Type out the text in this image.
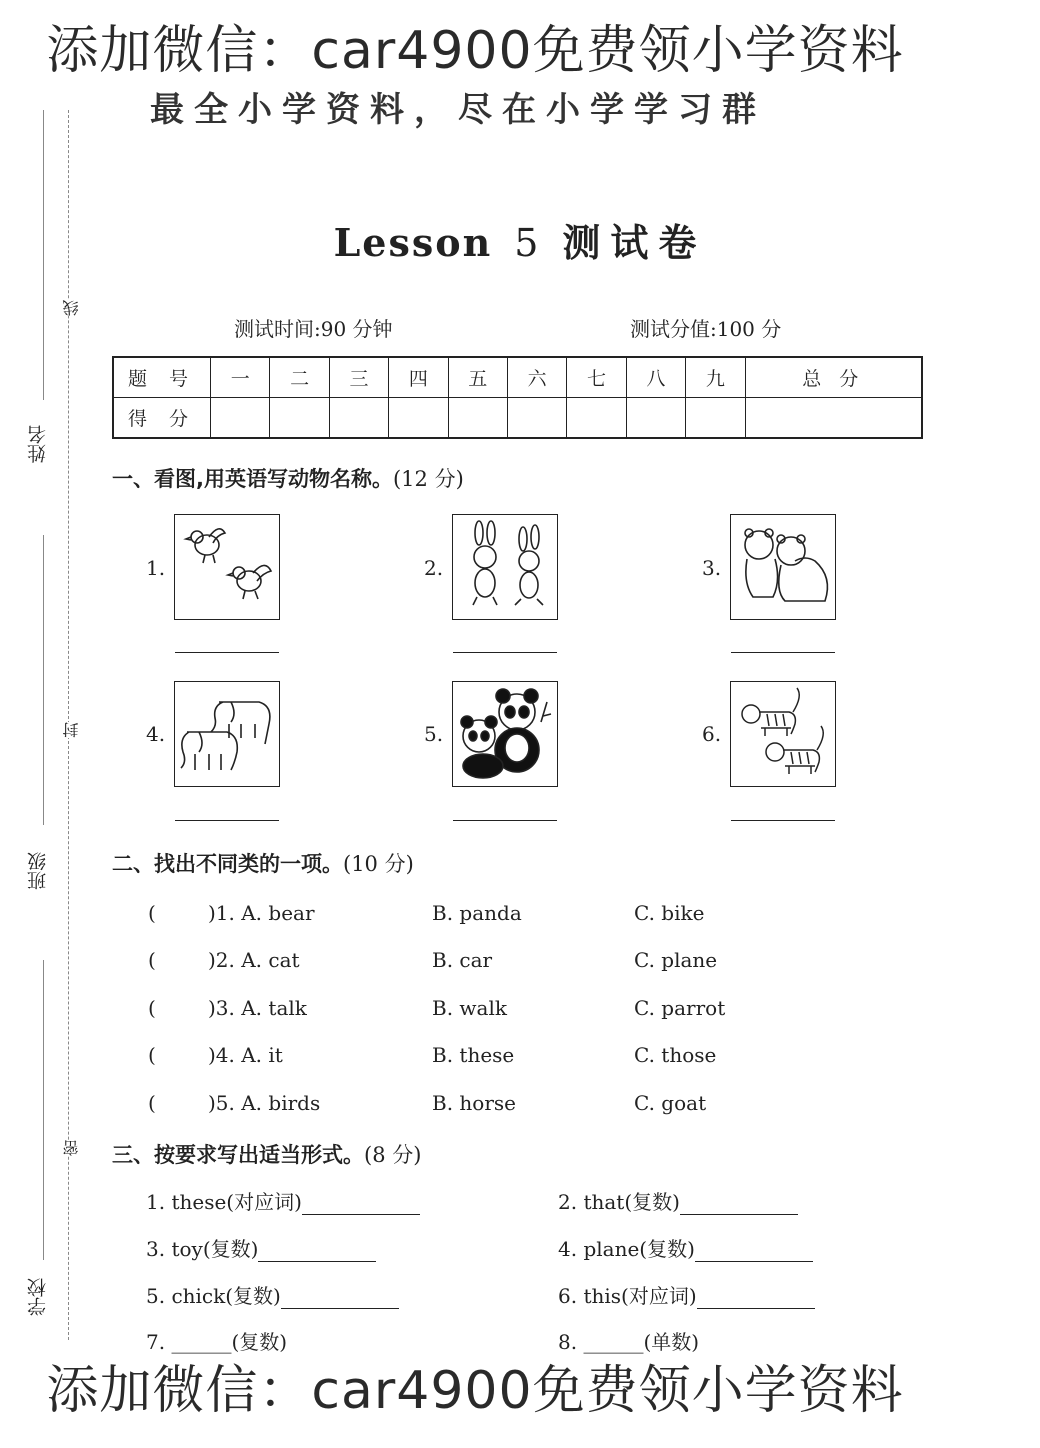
添加微信：car4900免费领小学资料
最全小学资料，尽在小学学习群
姓名
班级
学校
线
封
密
Lesson 5 测试卷
测试时间:90 分钟	测试分值:100 分
题 号	一	二	三	四	五	六	七	八	九	总 分
得 分										
一、看图,用英语写动物名称。(12 分)
1.	2.	3.
4.	5.	6.
二、找出不同类的一项。(10 分)
(	)1. A. bear	B. panda	C. bike
(	)2. A. cat	B. car	C. plane
(	)3. A. talk	B. walk	C. parrot
(	)4. A. it	B. these	C. those
(	)5. A. birds	B. horse	C. goat
三、按要求写出适当形式。(8 分)
1. these(对应词)	2. that(复数)
3. toy(复数)	4. plane(复数)
5. chick(复数)	6. this(对应词)
7. ______(复数)	8. ______(单数)
添加微信：car4900免费领小学资料
